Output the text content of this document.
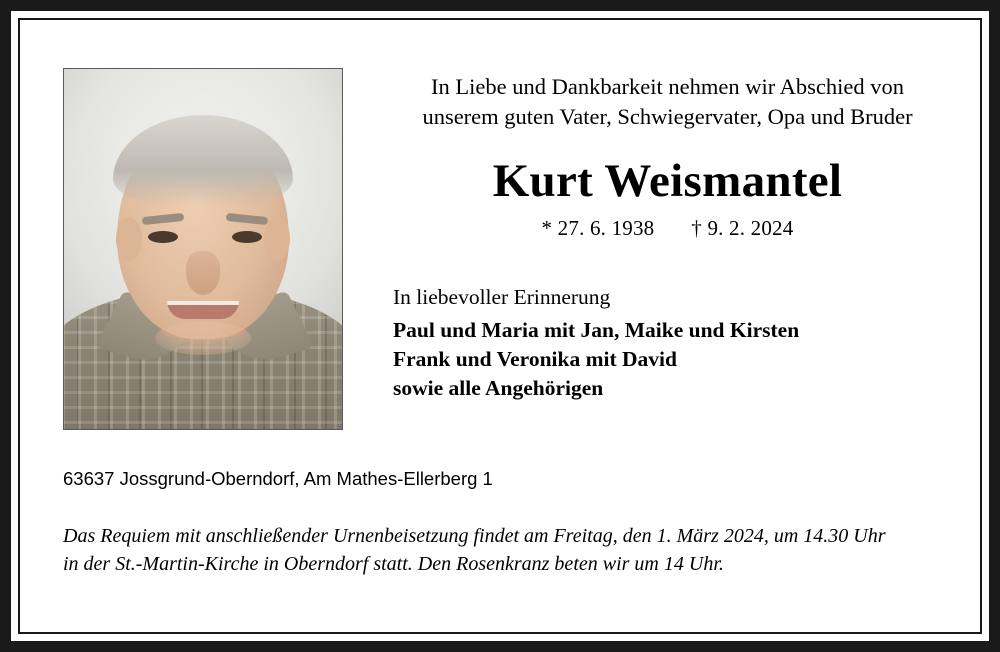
In Liebe und Dankbarkeit nehmen wir Abschied von
unserem guten Vater, Schwiegervater, Opa und Bruder

Kurt Weismantel

* 27. 6. 1938 † 9. 2. 2024

In liebevoller Erinnerung

Paul und Maria mit Jan, Maike und Kirsten
Frank und Veronika mit David
sowie alle Angehörigen

63637 Jossgrund-Oberndorf, Am Mathes-Ellerberg 1

Das Requiem mit anschließender Urnenbeisetzung findet am Freitag, den 1. März 2024, um 14.30 Uhr
in der St.-Martin-Kirche in Oberndorf statt. Den Rosenkranz beten wir um 14 Uhr.
